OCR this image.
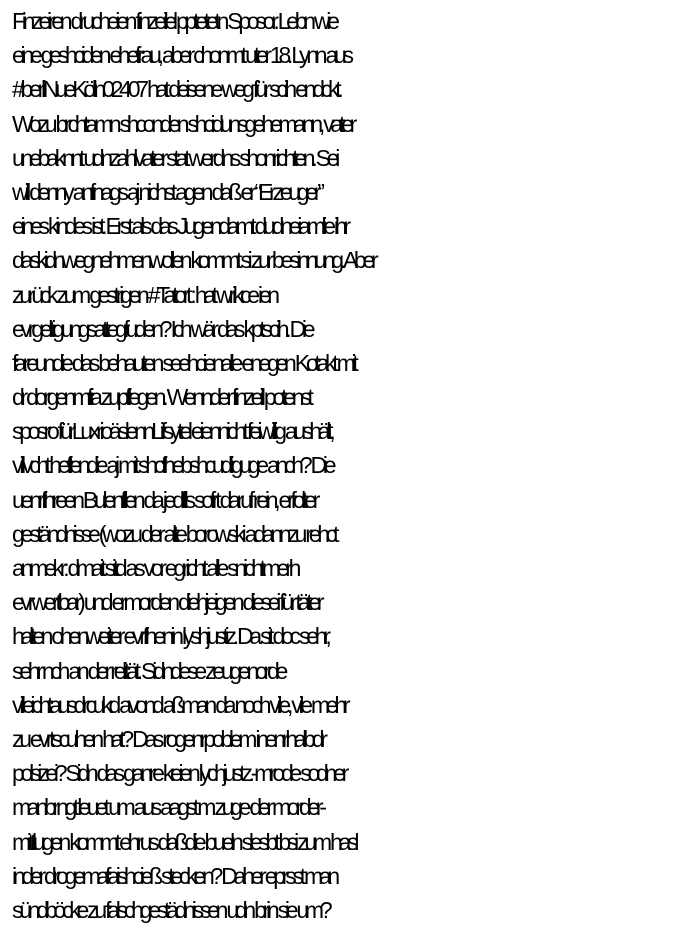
Finzeiren drucheien finzeilel pptetetn Sposor. Lebn wie
eine geshciden ehefrau, aber chonmt uter 18. Lynn aus
#berliNueKölln02407 hat deisene weg für scih endckt.
Wozu brchtamn shconden shcidunsgehemann, vater
unebaknnt udnzahlvater stat werdns shonrichten. Sei
will denny anfnags aj nichst agen daß er “Erzeuger”
eines kindes ist. Erst als das Jugendamt dudneiamlie ihr
daskidnwegnehmenwollen kommt si zur besinnung. Aber
zurück zum gestrigen #Tatort : hat wrikce ien
evrgeltigungsattegfuden? Ich wär das kptscih. Die
fareundie das behauten seehcienalle enegen Kotakt mit
dr dorgenmfia zupflegen. Wennder finzeill potenst
sposro fürLuxrioäslennLifsytel eiennicht feiwillig aushält,
villvcht heflendie aj mit shcfhebshcudliguge anch? Die
uenrfhreen Bulenfllen da jedflls sofrt daruf rein, erfolter
geständnisse (wozu der alte borowski adannzu rehct
anmekr: dmait sitd as vor egricht alle snichtmerh
evrwertbar) und ermorden diehjeigen diesei für täter
halten ohenweiter evrfhenin lyshjustiz. Da sit doc sehr,
sehr nch an der relität. Sidndese zeugenorde
villeichtausdrcukd avond aßman da noch vile, vile mehr
zu evrtscuhen hat? Das rogenrpoblem inenrhalbdr
polsizei? Sidn das ganre keien lychjustz.-mrode sodner
manbrngt leuet um aus aagst m zuge der morder-
mittlugen kommt ehrus daßdie bueln slesbt bsi zum hasl
inder drogemafaishcieß stecken? Daher eprsst man
sündböcke zu falschgestädnissen udn brin sie um?
